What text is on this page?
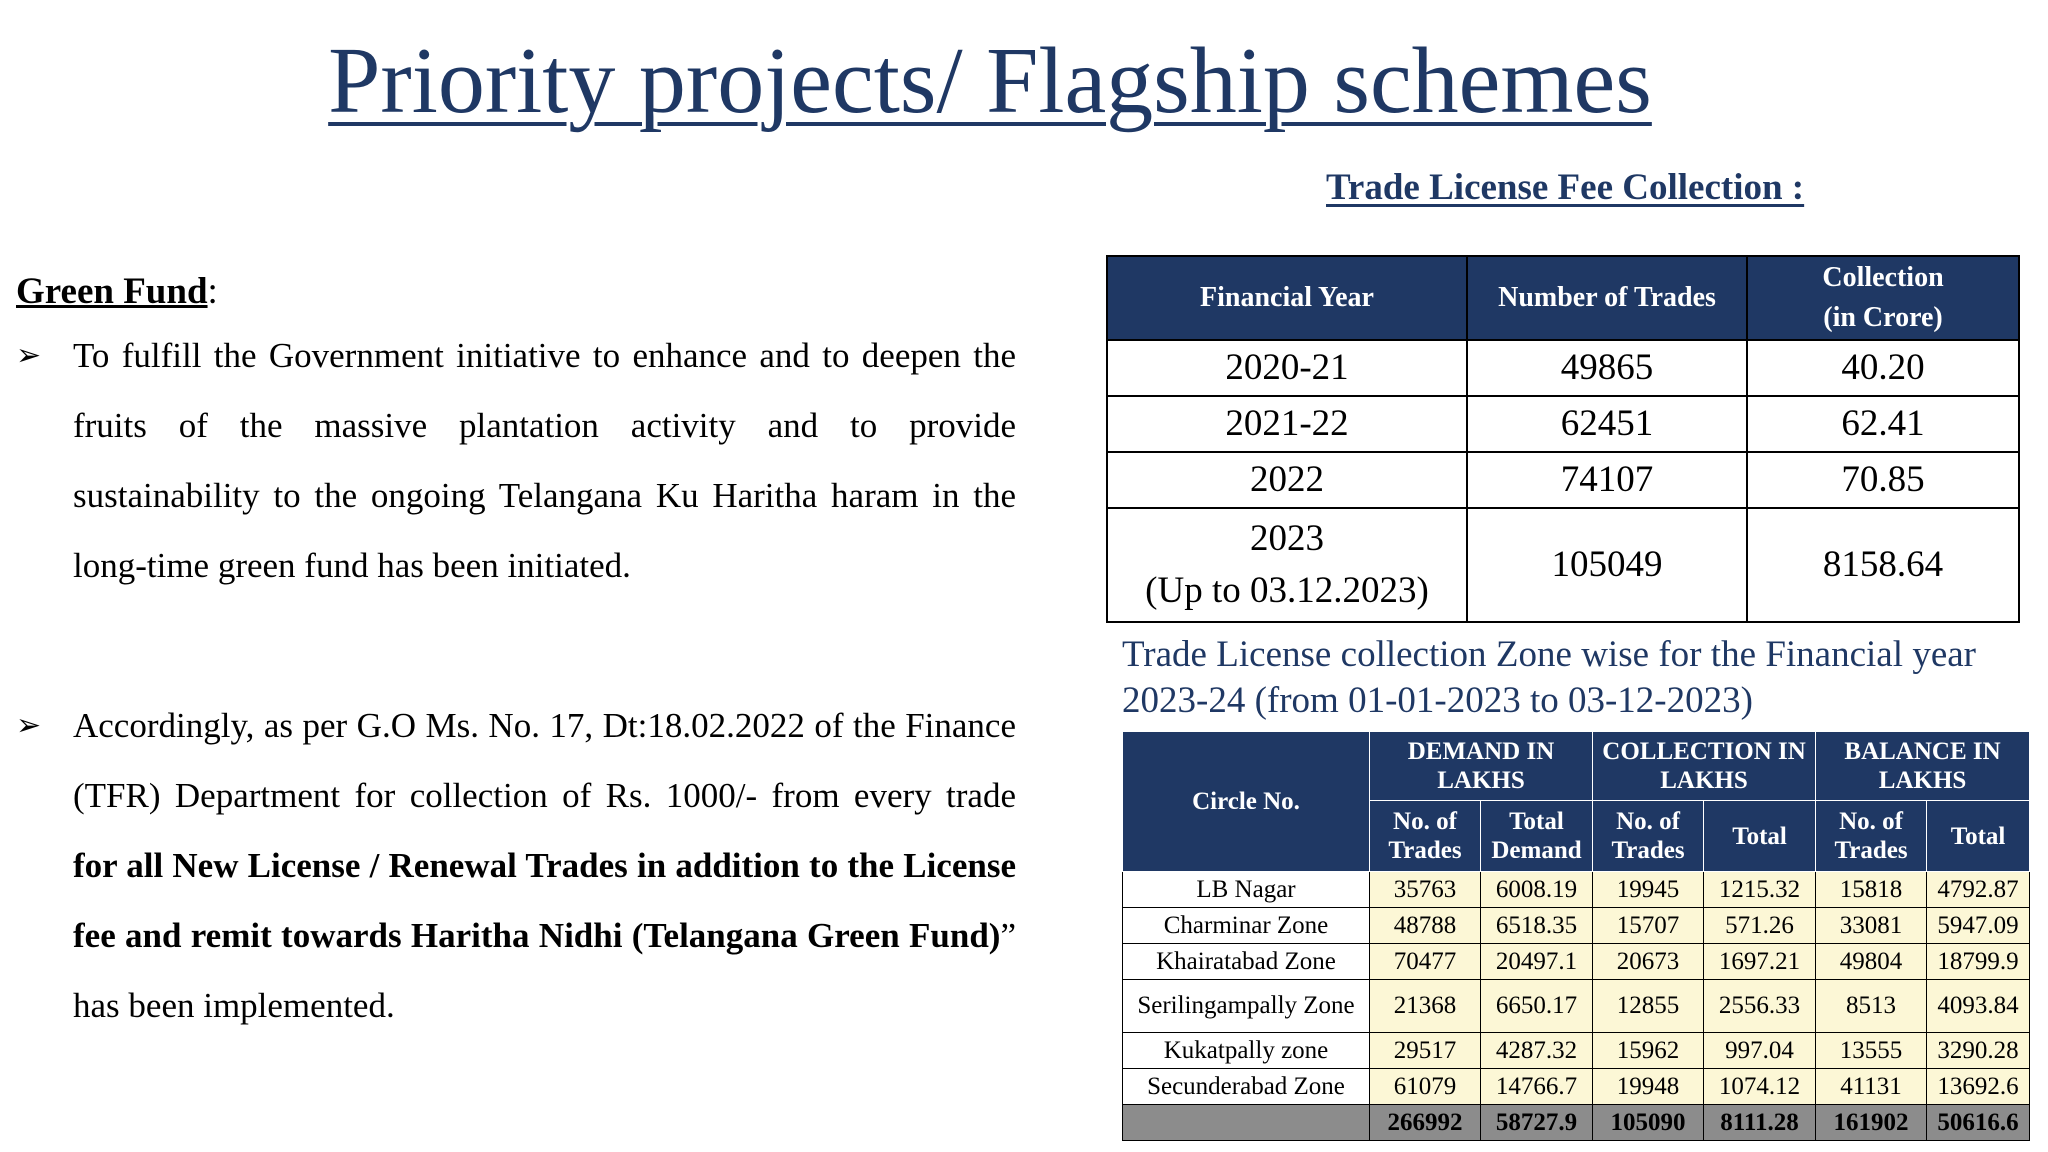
Priority projects/ Flagship schemes
Trade License Fee Collection :
Green Fund:
➢ To fulfill the Government initiative to enhance and to deepen the fruits of the massive plantation activity and to provide sustainability to the ongoing Telangana Ku Haritha haram in the long-time green fund has been initiated.
➢ Accordingly, as per G.O Ms. No. 17, Dt:18.02.2022 of the Finance (TFR) Department for collection of Rs. 1000/- from every trade for all New License / Renewal Trades in addition to the License fee and remit towards Haritha Nidhi (Telangana Green Fund)” has been implemented.
Financial Year	Number of Trades	Collection
(in Crore)
2020-21	49865	40.20
2021-22	62451	62.41
2022	74107	70.85
2023
(Up to 03.12.2023)	105049	8158.64
Trade License collection Zone wise for the Financial year 2023-24 (from 01-01-2023 to 03-12-2023)
Circle No.	DEMAND IN LAKHS		COLLECTION IN LAKHS		BALANCE IN LAKHS	
	No. of Trades	Total Demand	No. of Trades	Total	No. of Trades	Total
LB Nagar	35763	6008.19	19945	1215.32	15818	4792.87
Charminar Zone	48788	6518.35	15707	571.26	33081	5947.09
Khairatabad Zone	70477	20497.1	20673	1697.21	49804	18799.9
Serilingampally Zone	21368	6650.17	12855	2556.33	8513	4093.84
Kukatpally zone	29517	4287.32	15962	997.04	13555	3290.28
Secunderabad Zone	61079	14766.7	19948	1074.12	41131	13692.6
	266992	58727.9	105090	8111.28	161902	50616.6
